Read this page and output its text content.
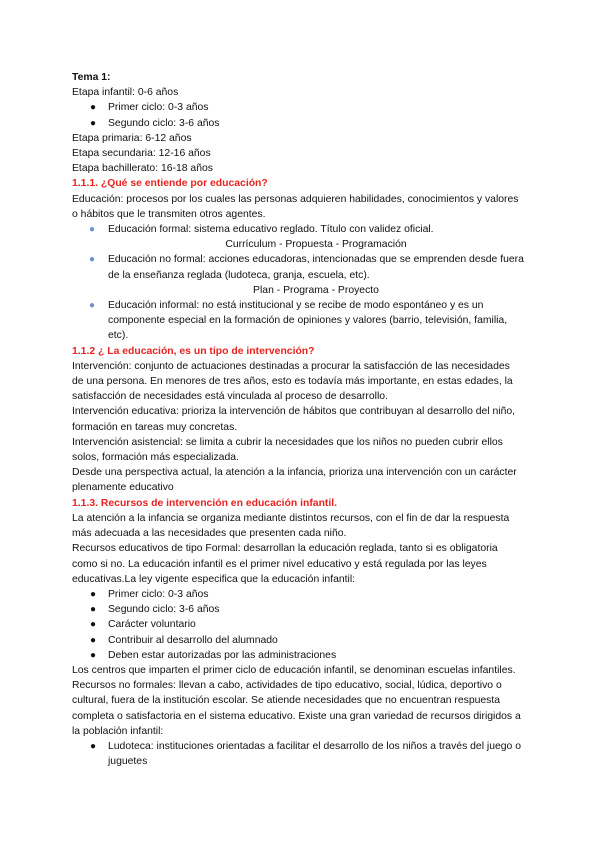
Tema 1:

Etapa infantil: 0-6 años

● Primer ciclo: 0-3 años
● Segundo ciclo: 3-6 años

Etapa primaria: 6-12 años

Etapa secundaria: 12-16 años

Etapa bachillerato: 16-18 años

1.1.1. ¿Qué se entiende por educación?

Educación: procesos por los cuales las personas adquieren habilidades, conocimientos y valores o hábitos que le transmiten otros agentes.

● Educación formal: sistema educativo reglado. Título con validez oficial.
Currículum - Propuesta - Programación
● Educación no formal: acciones educadoras, intencionadas que se emprenden desde fuera de la enseñanza reglada (ludoteca, granja, escuela, etc).
Plan - Programa - Proyecto
● Educación informal: no está institucional y se recibe de modo espontáneo y es un componente especial en la formación de opiniones y valores (barrio, televisión, familia, etc).

1.1.2 ¿ La educación, es un tipo de intervención?

Intervención: conjunto de actuaciones destinadas a procurar la satisfacción de las necesidades de una persona. En menores de tres años, esto es todavía más importante, en estas edades, la satisfacción de necesidades está vinculada al proceso de desarrollo.

Intervención educativa: prioriza la intervención de hábitos que contribuyan al desarrollo del niño, formación en tareas muy concretas.

Intervención asistencial: se limita a cubrir la necesidades que los niños no pueden cubrir ellos solos, formación más especializada.

Desde una perspectiva actual, la atención a la infancia, prioriza una intervención con un carácter plenamente educativo

1.1.3. Recursos de intervención en educación infantil.

La atención a la infancia se organiza mediante distintos recursos, con el fin de dar la respuesta más adecuada a las necesidades que presenten cada niño.

Recursos educativos de tipo Formal: desarrollan la educación reglada, tanto si es obligatoria como si no. La educación infantil es el primer nivel educativo y está regulada por las leyes educativas.La ley vigente especifica que la educación infantil:

● Primer ciclo: 0-3 años
● Segundo ciclo: 3-6 años
● Carácter voluntario
● Contribuir al desarrollo del alumnado
● Deben estar autorizadas por las administraciones

Los centros que imparten el primer ciclo de educación infantil, se denominan escuelas infantiles.

Recursos no formales: llevan a cabo, actividades de tipo educativo, social, lúdica, deportivo o cultural, fuera de la institución escolar. Se atiende necesidades que no encuentran respuesta completa o satisfactoria en el sistema educativo. Existe una gran variedad de recursos dirigidos a la población infantil:

● Ludoteca: instituciones orientadas a facilitar el desarrollo de los niños a través del juego o juguetes
